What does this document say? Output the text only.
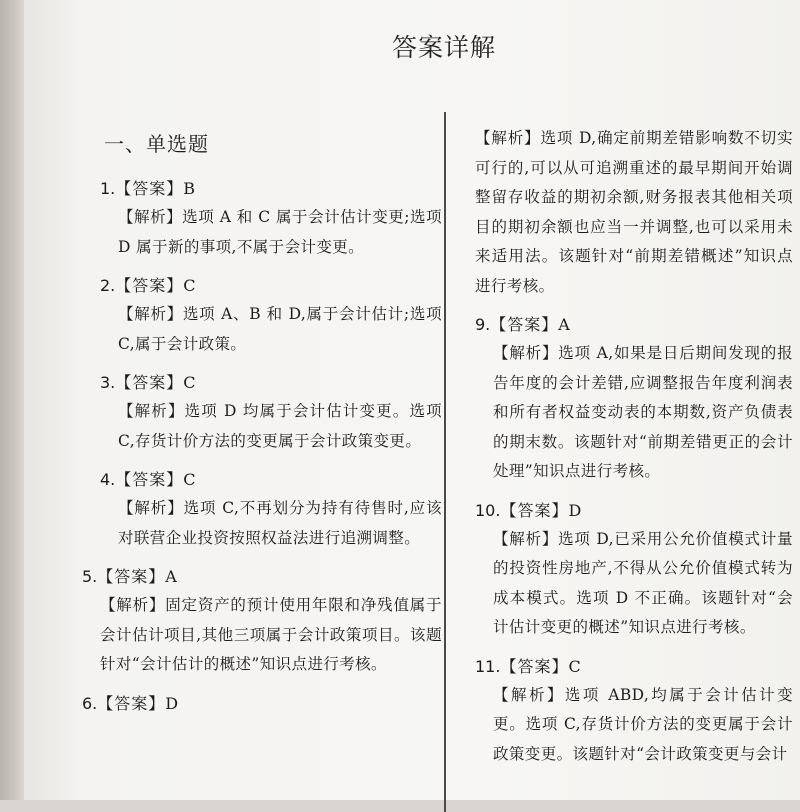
答案详解
一、单选题
1.【答案】B
【解析】选项 A 和 C 属于会计估计变更;选项 D 属于新的事项,不属于会计变更。
2.【答案】C
【解析】选项 A、B 和 D,属于会计估计;选项 C,属于会计政策。
3.【答案】C
【解析】选项 D 均属于会计估计变更。选项 C,存货计价方法的变更属于会计政策变更。
4.【答案】C
【解析】选项 C,不再划分为持有待售时,应该对联营企业投资按照权益法进行追溯调整。
5.【答案】A
【解析】固定资产的预计使用年限和净残值属于会计估计项目,其他三项属于会计政策项目。该题针对“会计估计的概述”知识点进行考核。
6.【答案】D
【解析】选项 D,确定前期差错影响数不切实可行的,可以从可追溯重述的最早期间开始调整留存收益的期初余额,财务报表其他相关项目的期初余额也应当一并调整,也可以采用未来适用法。该题针对“前期差错概述”知识点进行考核。
9.【答案】A
【解析】选项 A,如果是日后期间发现的报告年度的会计差错,应调整报告年度利润表和所有者权益变动表的本期数,资产负债表的期末数。该题针对“前期差错更正的会计处理”知识点进行考核。
10.【答案】D
【解析】选项 D,已采用公允价值模式计量的投资性房地产,不得从公允价值模式转为成本模式。选项 D 不正确。该题针对“会计估计变更的概述”知识点进行考核。
11.【答案】C
【解析】选项 ABD,均属于会计估计变更。选项 C,存货计价方法的变更属于会计政策变更。该题针对“会计政策变更与会计
